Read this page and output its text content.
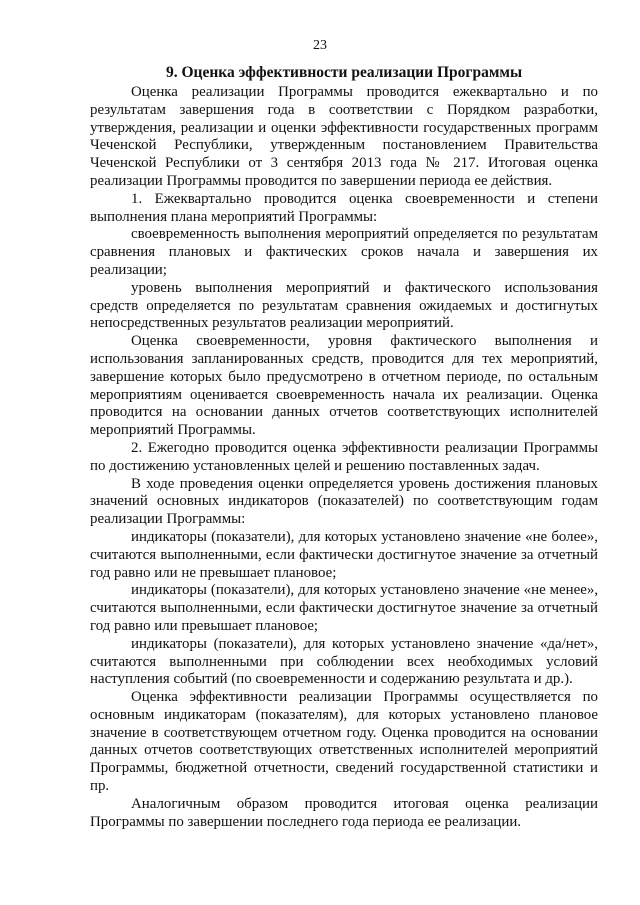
23
9. Оценка эффективности реализации Программы

Оценка реализации Программы проводится ежеквартально и по результатам завершения года в соответствии с Порядком разработки, утверждения, реализации и оценки эффективности государственных программ Чеченской Республики, утвержденным постановлением Правительства Чеченской Республики от 3 сентября 2013 года № 217. Итоговая оценка реализации Программы проводится по завершении периода ее действия.

1. Ежеквартально проводится оценка своевременности и степени выполнения плана мероприятий Программы:

своевременность выполнения мероприятий определяется по результатам сравнения плановых и фактических сроков начала и завершения их реализации;

уровень выполнения мероприятий и фактического использования средств определяется по результатам сравнения ожидаемых и достигнутых непосредственных результатов реализации мероприятий.

Оценка своевременности, уровня фактического выполнения и использования запланированных средств, проводится для тех мероприятий, завершение которых было предусмотрено в отчетном периоде, по остальным мероприятиям оценивается своевременность начала их реализации. Оценка проводится на основании данных отчетов соответствующих исполнителей мероприятий Программы.

2. Ежегодно проводится оценка эффективности реализации Программы по достижению установленных целей и решению поставленных задач.

В ходе проведения оценки определяется уровень достижения плановых значений основных индикаторов (показателей) по соответствующим годам реализации Программы:

индикаторы (показатели), для которых установлено значение «не более», считаются выполненными, если фактически достигнутое значение за отчетный год равно или не превышает плановое;

индикаторы (показатели), для которых установлено значение «не менее», считаются выполненными, если фактически достигнутое значение за отчетный год равно или превышает плановое;

индикаторы (показатели), для которых установлено значение «да/нет», считаются выполненными при соблюдении всех необходимых условий наступления событий (по своевременности и содержанию результата и др.).

Оценка эффективности реализации Программы осуществляется по основным индикаторам (показателям), для которых установлено плановое значение в соответствующем отчетном году. Оценка проводится на основании данных отчетов соответствующих ответственных исполнителей мероприятий Программы, бюджетной отчетности, сведений государственной статистики и пр.

Аналогичным образом проводится итоговая оценка реализации Программы по завершении последнего года периода ее реализации.
